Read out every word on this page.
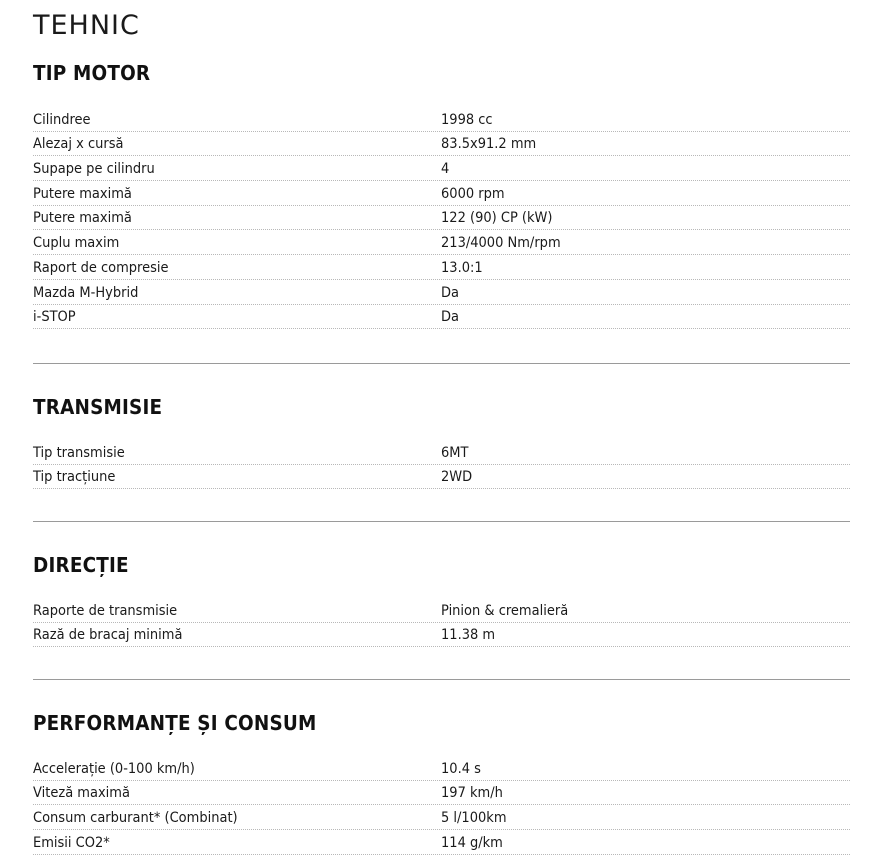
TEHNIC
TIP MOTOR
Cilindree	1998 cc
Alezaj x cursă	83.5x91.2 mm
Supape pe cilindru	4
Putere maximă	6000 rpm
Putere maximă	122 (90) CP (kW)
Cuplu maxim	213/4000 Nm/rpm
Raport de compresie	13.0:1
Mazda M-Hybrid	Da
i-STOP	Da
TRANSMISIE
Tip transmisie	6MT
Tip tracțiune	2WD
DIRECȚIE
Raporte de transmisie	Pinion & cremalieră
Rază de bracaj minimă	11.38 m
PERFORMANȚE ȘI CONSUM
Accelerație (0-100 km/h)	10.4 s
Viteză maximă	197 km/h
Consum carburant* (Combinat)	5 l/100km
Emisii CO2*	114 g/km
